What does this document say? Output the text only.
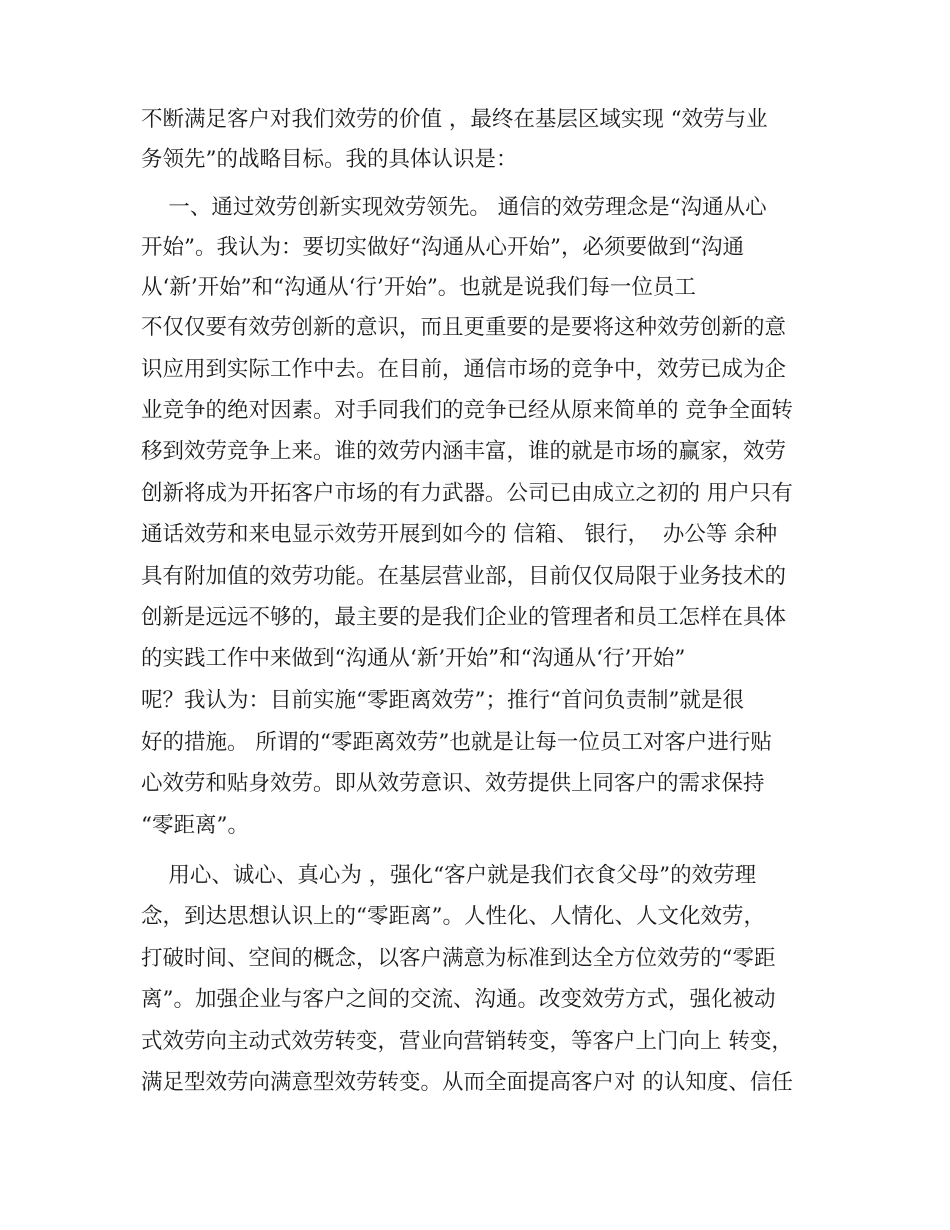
不断满足客户对我们效劳的价值 ，最终在基层区域实现 “效劳与业
务领先”的战略目标。我的具体认识是：
一、通过效劳创新实现效劳领先。 通信的效劳理念是“沟通从心
开始”。我认为：要切实做好“沟通从心开始”，必须要做到“沟通
从‘新’开始”和“沟通从‘行’开始”。也就是说我们每一位员工
不仅仅要有效劳创新的意识，而且更重要的是要将这种效劳创新的意
识应用到实际工作中去。在目前，通信市场的竞争中，效劳已成为企
业竞争的绝对因素。对手同我们的竞争已经从原来简单的 竞争全面转
移到效劳竞争上来。谁的效劳内涵丰富，谁的就是市场的赢家，效劳
创新将成为开拓客户市场的有力武器。公司已由成立之初的 用户只有
通话效劳和来电显示效劳开展到如今的 信箱、 银行，  办公等 余种
具有附加值的效劳功能。在基层营业部，目前仅仅局限于业务技术的
创新是远远不够的，最主要的是我们企业的管理者和员工怎样在具体
的实践工作中来做到“沟通从‘新’开始”和“沟通从‘行’开始”
呢？我认为：目前实施“零距离效劳”；推行“首问负责制”就是很
好的措施。 所谓的“零距离效劳”也就是让每一位员工对客户进行贴
心效劳和贴身效劳。即从效劳意识、效劳提供上同客户的需求保持
“零距离”。
用心、诚心、真心为 ，强化“客户就是我们衣食父母”的效劳理
念，到达思想认识上的“零距离”。人性化、人情化、人文化效劳，
打破时间、空间的概念，以客户满意为标准到达全方位效劳的“零距
离”。加强企业与客户之间的交流、沟通。改变效劳方式，强化被动
式效劳向主动式效劳转变，营业向营销转变，等客户上门向上 转变，
满足型效劳向满意型效劳转变。从而全面提高客户对 的认知度、信任
